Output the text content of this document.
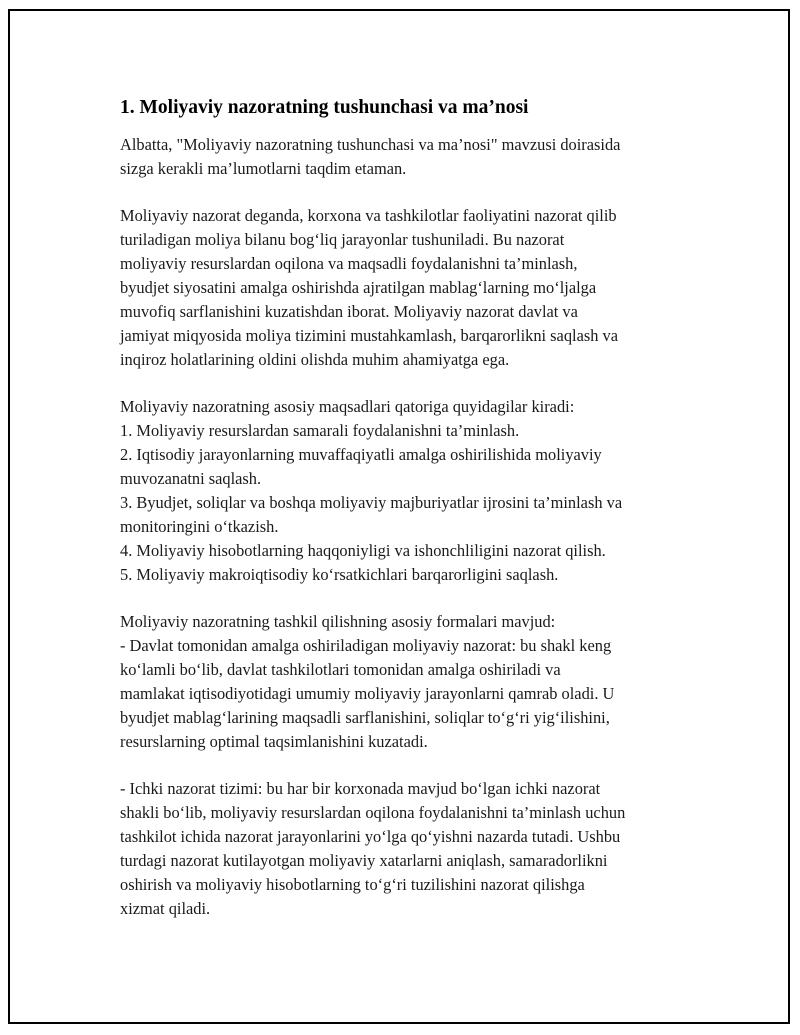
1. Moliyaviy nazoratning tushunchasi va ma’nosi
Albatta, "Moliyaviy nazoratning tushunchasi va ma’nosi" mavzusi doirasida
sizga kerakli ma’lumotlarni taqdim etaman.
Moliyaviy nazorat deganda, korxona va tashkilotlar faoliyatini nazorat qilib
turiladigan moliya bilanu bog‘liq jarayonlar tushuniladi. Bu nazorat
moliyaviy resurslardan oqilona va maqsadli foydalanishni ta’minlash,
byudjet siyosatini amalga oshirishda ajratilgan mablag‘larning mo‘ljalga
muvofiq sarflanishini kuzatishdan iborat. Moliyaviy nazorat davlat va
jamiyat miqyosida moliya tizimini mustahkamlash, barqarorlikni saqlash va
inqiroz holatlarining oldini olishda muhim ahamiyatga ega.
Moliyaviy nazoratning asosiy maqsadlari qatoriga quyidagilar kiradi:
1. Moliyaviy resurslardan samarali foydalanishni ta’minlash.
2. Iqtisodiy jarayonlarning muvaffaqiyatli amalga oshirilishida moliyaviy
muvozanatni saqlash.
3. Byudjet, soliqlar va boshqa moliyaviy majburiyatlar ijrosini ta’minlash va
monitoringini o‘tkazish.
4. Moliyaviy hisobotlarning haqqoniyligi va ishonchliligini nazorat qilish.
5. Moliyaviy makroiqtisodiy ko‘rsatkichlari barqarorligini saqlash.
Moliyaviy nazoratning tashkil qilishning asosiy formalari mavjud:
- Davlat tomonidan amalga oshiriladigan moliyaviy nazorat: bu shakl keng
ko‘lamli bo‘lib, davlat tashkilotlari tomonidan amalga oshiriladi va
mamlakat iqtisodiyotidagi umumiy moliyaviy jarayonlarni qamrab oladi. U
byudjet mablag‘larining maqsadli sarflanishini, soliqlar to‘g‘ri yig‘ilishini,
resurslarning optimal taqsimlanishini kuzatadi.
- Ichki nazorat tizimi: bu har bir korxonada mavjud bo‘lgan ichki nazorat
shakli bo‘lib, moliyaviy resurslardan oqilona foydalanishni ta’minlash uchun
tashkilot ichida nazorat jarayonlarini yo‘lga qo‘yishni nazarda tutadi. Ushbu
turdagi nazorat kutilayotgan moliyaviy xatarlarni aniqlash, samaradorlikni
oshirish va moliyaviy hisobotlarning to‘g‘ri tuzilishini nazorat qilishga
xizmat qiladi.
